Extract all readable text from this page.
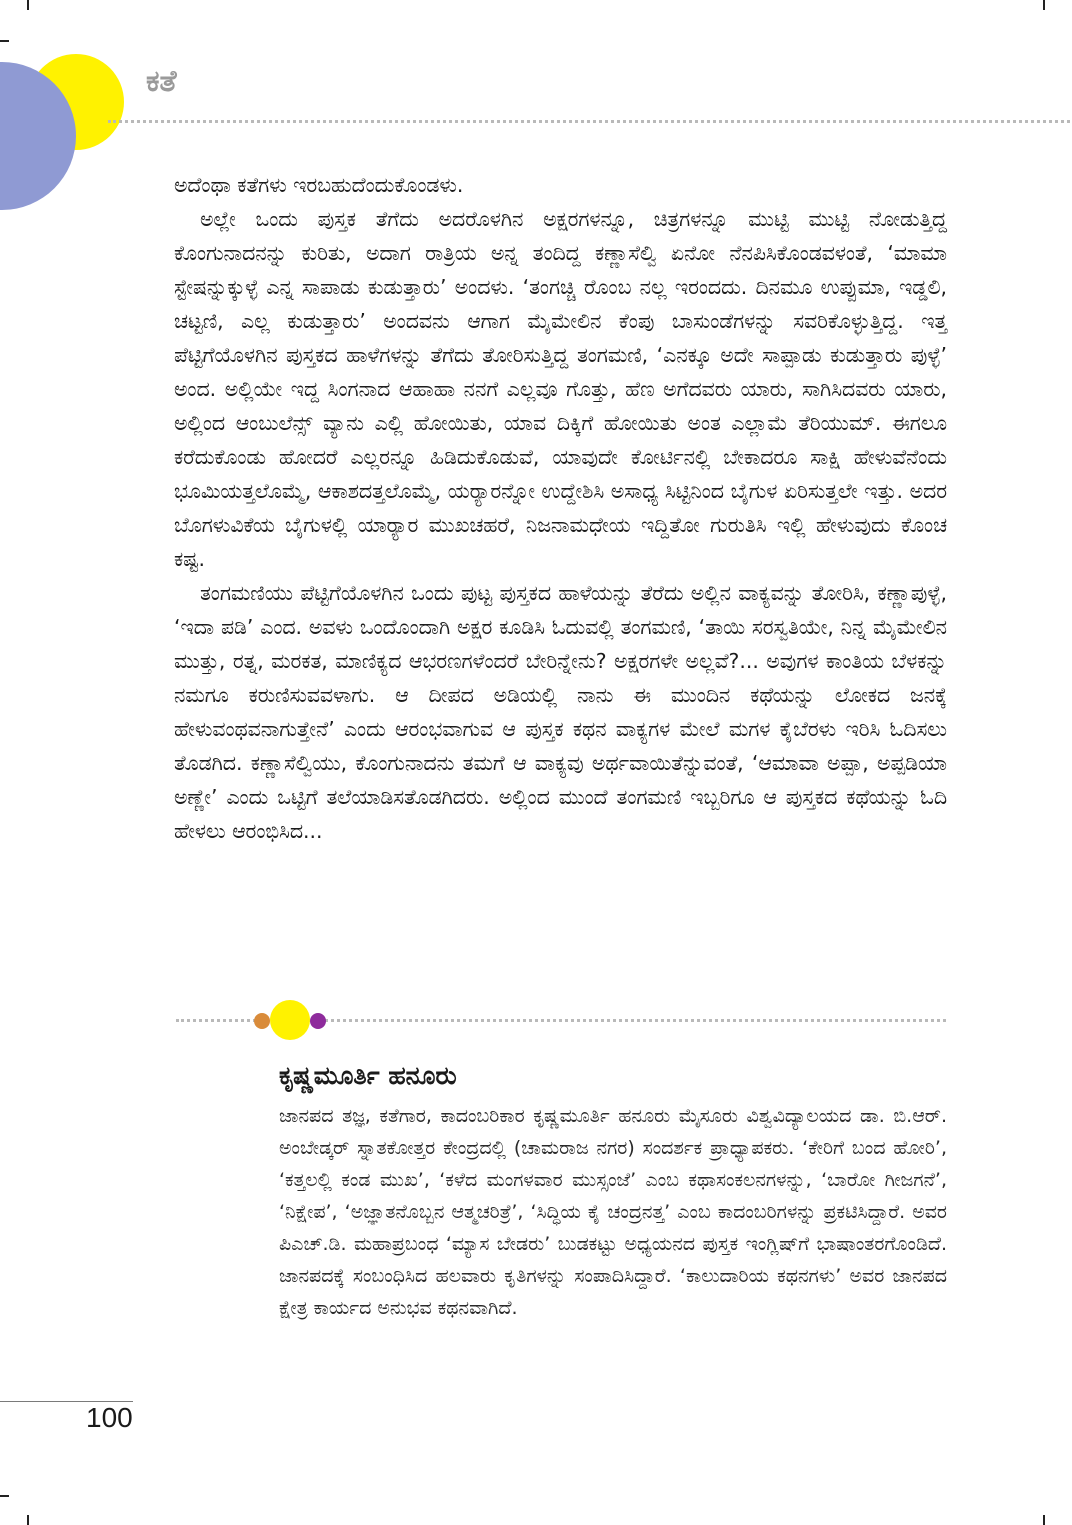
ಕತೆ

ಅದೆಂಥಾ ಕತೆಗಳು ಇರಬಹುದೆಂದುಕೊಂಡಳು.

ಅಲ್ಲೇ ಒಂದು ಪುಸ್ತಕ ತೆಗೆದು ಅದರೊಳಗಿನ ಅಕ್ಷರಗಳನ್ನೂ, ಚಿತ್ರಗಳನ್ನೂ ಮುಟ್ಟಿ ಮುಟ್ಟಿ ನೋಡುತ್ತಿದ್ದ ಕೊಂಗುನಾದನನ್ನು ಕುರಿತು, ಅದಾಗ ರಾತ್ರಿಯ ಅನ್ನ ತಂದಿದ್ದ ಕಣ್ಣಾಸೆಲ್ವಿ ಏನೋ ನೆನಪಿಸಿಕೊಂಡವಳಂತೆ, ‘ಮಾಮಾ ಸ್ಟೇಷನ್ನುಕ್ಕುಳ್ಳೆ ಎನ್ನ ಸಾಪಾಡು ಕುಡುತ್ತಾರು’ ಅಂದಳು. ‘ತಂಗಚ್ಚಿ ರೊಂಬ ನಲ್ಲ ಇರಂದದು. ದಿನಮೂ ಉಪ್ಪುಮಾ, ಇಡ್ಡಲಿ, ಚಟ್ಟಣಿ, ಎಲ್ಲ ಕುಡುತ್ತಾರು’ ಅಂದವನು ಆಗಾಗ ಮೈಮೇಲಿನ ಕೆಂಪು ಬಾಸುಂಡೆಗಳನ್ನು ಸವರಿಕೊಳ್ಳುತ್ತಿದ್ದ. ಇತ್ತ ಪೆಟ್ಟಿಗೆಯೊಳಗಿನ ಪುಸ್ತಕದ ಹಾಳೆಗಳನ್ನು ತೆಗೆದು ತೋರಿಸುತ್ತಿದ್ದ ತಂಗಮಣಿ, ‘ಎನಕ್ಕೂ ಅದೇ ಸಾಪ್ಪಾಡು ಕುಡುತ್ತಾರು ಪುಳ್ಳೆ’ ಅಂದ. ಅಲ್ಲಿಯೇ ಇದ್ದ ಸಿಂಗನಾದ ಆಹಾಹಾ ನನಗೆ ಎಲ್ಲವೂ ಗೊತ್ತು, ಹೆಣ ಅಗೆದವರು ಯಾರು, ಸಾಗಿಸಿದವರು ಯಾರು, ಅಲ್ಲಿಂದ ಆಂಬುಲೆನ್ಸ್ ವ್ಯಾನು ಎಲ್ಲಿ ಹೋಯಿತು, ಯಾವ ದಿಕ್ಕಿಗೆ ಹೋಯಿತು ಅಂತ ಎಲ್ಲಾಮೆ ತೆರಿಯುಮ್. ಈಗಲೂ ಕರೆದುಕೊಂಡು ಹೋದರೆ ಎಲ್ಲರನ್ನೂ ಹಿಡಿದುಕೊಡುವೆ, ಯಾವುದೇ ಕೋರ್ಟಿನಲ್ಲಿ ಬೇಕಾದರೂ ಸಾಕ್ಷಿ ಹೇಳುವೆನೆಂದು ಭೂಮಿಯತ್ತಲೊಮ್ಮೆ, ಆಕಾಶದತ್ತಲೊಮ್ಮೆ, ಯರ್‍ಯಾರನ್ನೋ ಉದ್ದೇಶಿಸಿ ಅಸಾಧ್ಯ ಸಿಟ್ಟಿನಿಂದ ಬೈಗುಳ ಏರಿಸುತ್ತಲೇ ಇತ್ತು. ಅದರ ಬೊಗಳುವಿಕೆಯ ಬೈಗುಳಲ್ಲಿ ಯಾರ್‍ಯಾರ ಮುಖಚಹರೆ, ನಿಜನಾಮಧೇಯ ಇದ್ದಿತೋ ಗುರುತಿಸಿ ಇಲ್ಲಿ ಹೇಳುವುದು ಕೊಂಚ ಕಷ್ಟ.

ತಂಗಮಣಿಯು ಪೆಟ್ಟಿಗೆಯೊಳಗಿನ ಒಂದು ಪುಟ್ಟ ಪುಸ್ತಕದ ಹಾಳೆಯನ್ನು ತೆರೆದು ಅಲ್ಲಿನ ವಾಕ್ಯವನ್ನು ತೋರಿಸಿ, ಕಣ್ಣಾಪುಳ್ಳೆ, ‘ಇದಾ ಪಡಿ’ ಎಂದ. ಅವಳು ಒಂದೊಂದಾಗಿ ಅಕ್ಷರ ಕೂಡಿಸಿ ಓದುವಲ್ಲಿ ತಂಗಮಣಿ, ‘ತಾಯಿ ಸರಸ್ವತಿಯೇ, ನಿನ್ನ ಮೈಮೇಲಿನ ಮುತ್ತು, ರತ್ನ, ಮರಕತ, ಮಾಣಿಕ್ಯದ ಆಭರಣಗಳೆಂದರೆ ಬೇರಿನ್ನೇನು? ಅಕ್ಷರಗಳೇ ಅಲ್ಲವೆ?... ಅವುಗಳ ಕಾಂತಿಯ ಬೆಳಕನ್ನು ನಮಗೂ ಕರುಣಿಸುವವಳಾಗು. ಆ ದೀಪದ ಅಡಿಯಲ್ಲಿ ನಾನು ಈ ಮುಂದಿನ ಕಥೆಯನ್ನು ಲೋಕದ ಜನಕ್ಕೆ ಹೇಳುವಂಥವನಾಗುತ್ತೇನೆ’ ಎಂದು ಆರಂಭವಾಗುವ ಆ ಪುಸ್ತಕ ಕಥನ ವಾಕ್ಯಗಳ ಮೇಲೆ ಮಗಳ ಕೈಬೆರಳು ಇರಿಸಿ ಓದಿಸಲು ತೊಡಗಿದ. ಕಣ್ಣಾಸೆಲ್ವಿಯು, ಕೊಂಗುನಾದನು ತಮಗೆ ಆ ವಾಕ್ಯವು ಅರ್ಥವಾಯಿತೆನ್ನುವಂತೆ, ‘ಆಮಾವಾ ಅಪ್ಪಾ, ಅಪ್ಪಡಿಯಾ ಅಣ್ಣೇ’ ಎಂದು ಒಟ್ಟಿಗೆ ತಲೆಯಾಡಿಸತೊಡಗಿದರು. ಅಲ್ಲಿಂದ ಮುಂದೆ ತಂಗಮಣಿ ಇಬ್ಬರಿಗೂ ಆ ಪುಸ್ತಕದ ಕಥೆಯನ್ನು ಓದಿ ಹೇಳಲು ಆರಂಭಿಸಿದ...

ಕೃಷ್ಣಮೂರ್ತಿ ಹನೂರು

ಜಾನಪದ ತಜ್ಞ, ಕತೆಗಾರ, ಕಾದಂಬರಿಕಾರ ಕೃಷ್ಣಮೂರ್ತಿ ಹನೂರು ಮೈಸೂರು ವಿಶ್ವವಿದ್ಯಾಲಯದ ಡಾ. ಬಿ.ಆರ್. ಅಂಬೇಡ್ಕರ್ ಸ್ನಾತಕೋತ್ತರ ಕೇಂದ್ರದಲ್ಲಿ (ಚಾಮರಾಜ ನಗರ) ಸಂದರ್ಶಕ ಪ್ರಾಧ್ಯಾಪಕರು. ‘ಕೇರಿಗೆ ಬಂದ ಹೋರಿ’, ‘ಕತ್ತಲಲ್ಲಿ ಕಂಡ ಮುಖ’, ‘ಕಳೆದ ಮಂಗಳವಾರ ಮುಸ್ಸಂಜೆ’ ಎಂಬ ಕಥಾಸಂಕಲನಗಳನ್ನು, ‘ಬಾರೋ ಗೀಜಗನೆ’, ‘ನಿಕ್ಷೇಪ’, ‘ಅಜ್ಞಾತನೊಬ್ಬನ ಆತ್ಮಚರಿತ್ರೆ’, ‘ಸಿದ್ಧಿಯ ಕೈ ಚಂದ್ರನತ್ತ’ ಎಂಬ ಕಾದಂಬರಿಗಳನ್ನು ಪ್ರಕಟಿಸಿದ್ದಾರೆ. ಅವರ ಪಿಎಚ್.ಡಿ. ಮಹಾಪ್ರಬಂಧ ‘ಮ್ಯಾಸ ಬೇಡರು’ ಬುಡಕಟ್ಟು ಅಧ್ಯಯನದ ಪುಸ್ತಕ ಇಂಗ್ಲಿಷ್‌ಗೆ ಭಾಷಾಂತರಗೊಂಡಿದೆ. ಜಾನಪದಕ್ಕೆ ಸಂಬಂಧಿಸಿದ ಹಲವಾರು ಕೃತಿಗಳನ್ನು ಸಂಪಾದಿಸಿದ್ದಾರೆ. ‘ಕಾಲುದಾರಿಯ ಕಥನಗಳು’ ಅವರ ಜಾನಪದ ಕ್ಷೇತ್ರ ಕಾರ್ಯದ ಅನುಭವ ಕಥನವಾಗಿದೆ.

100
